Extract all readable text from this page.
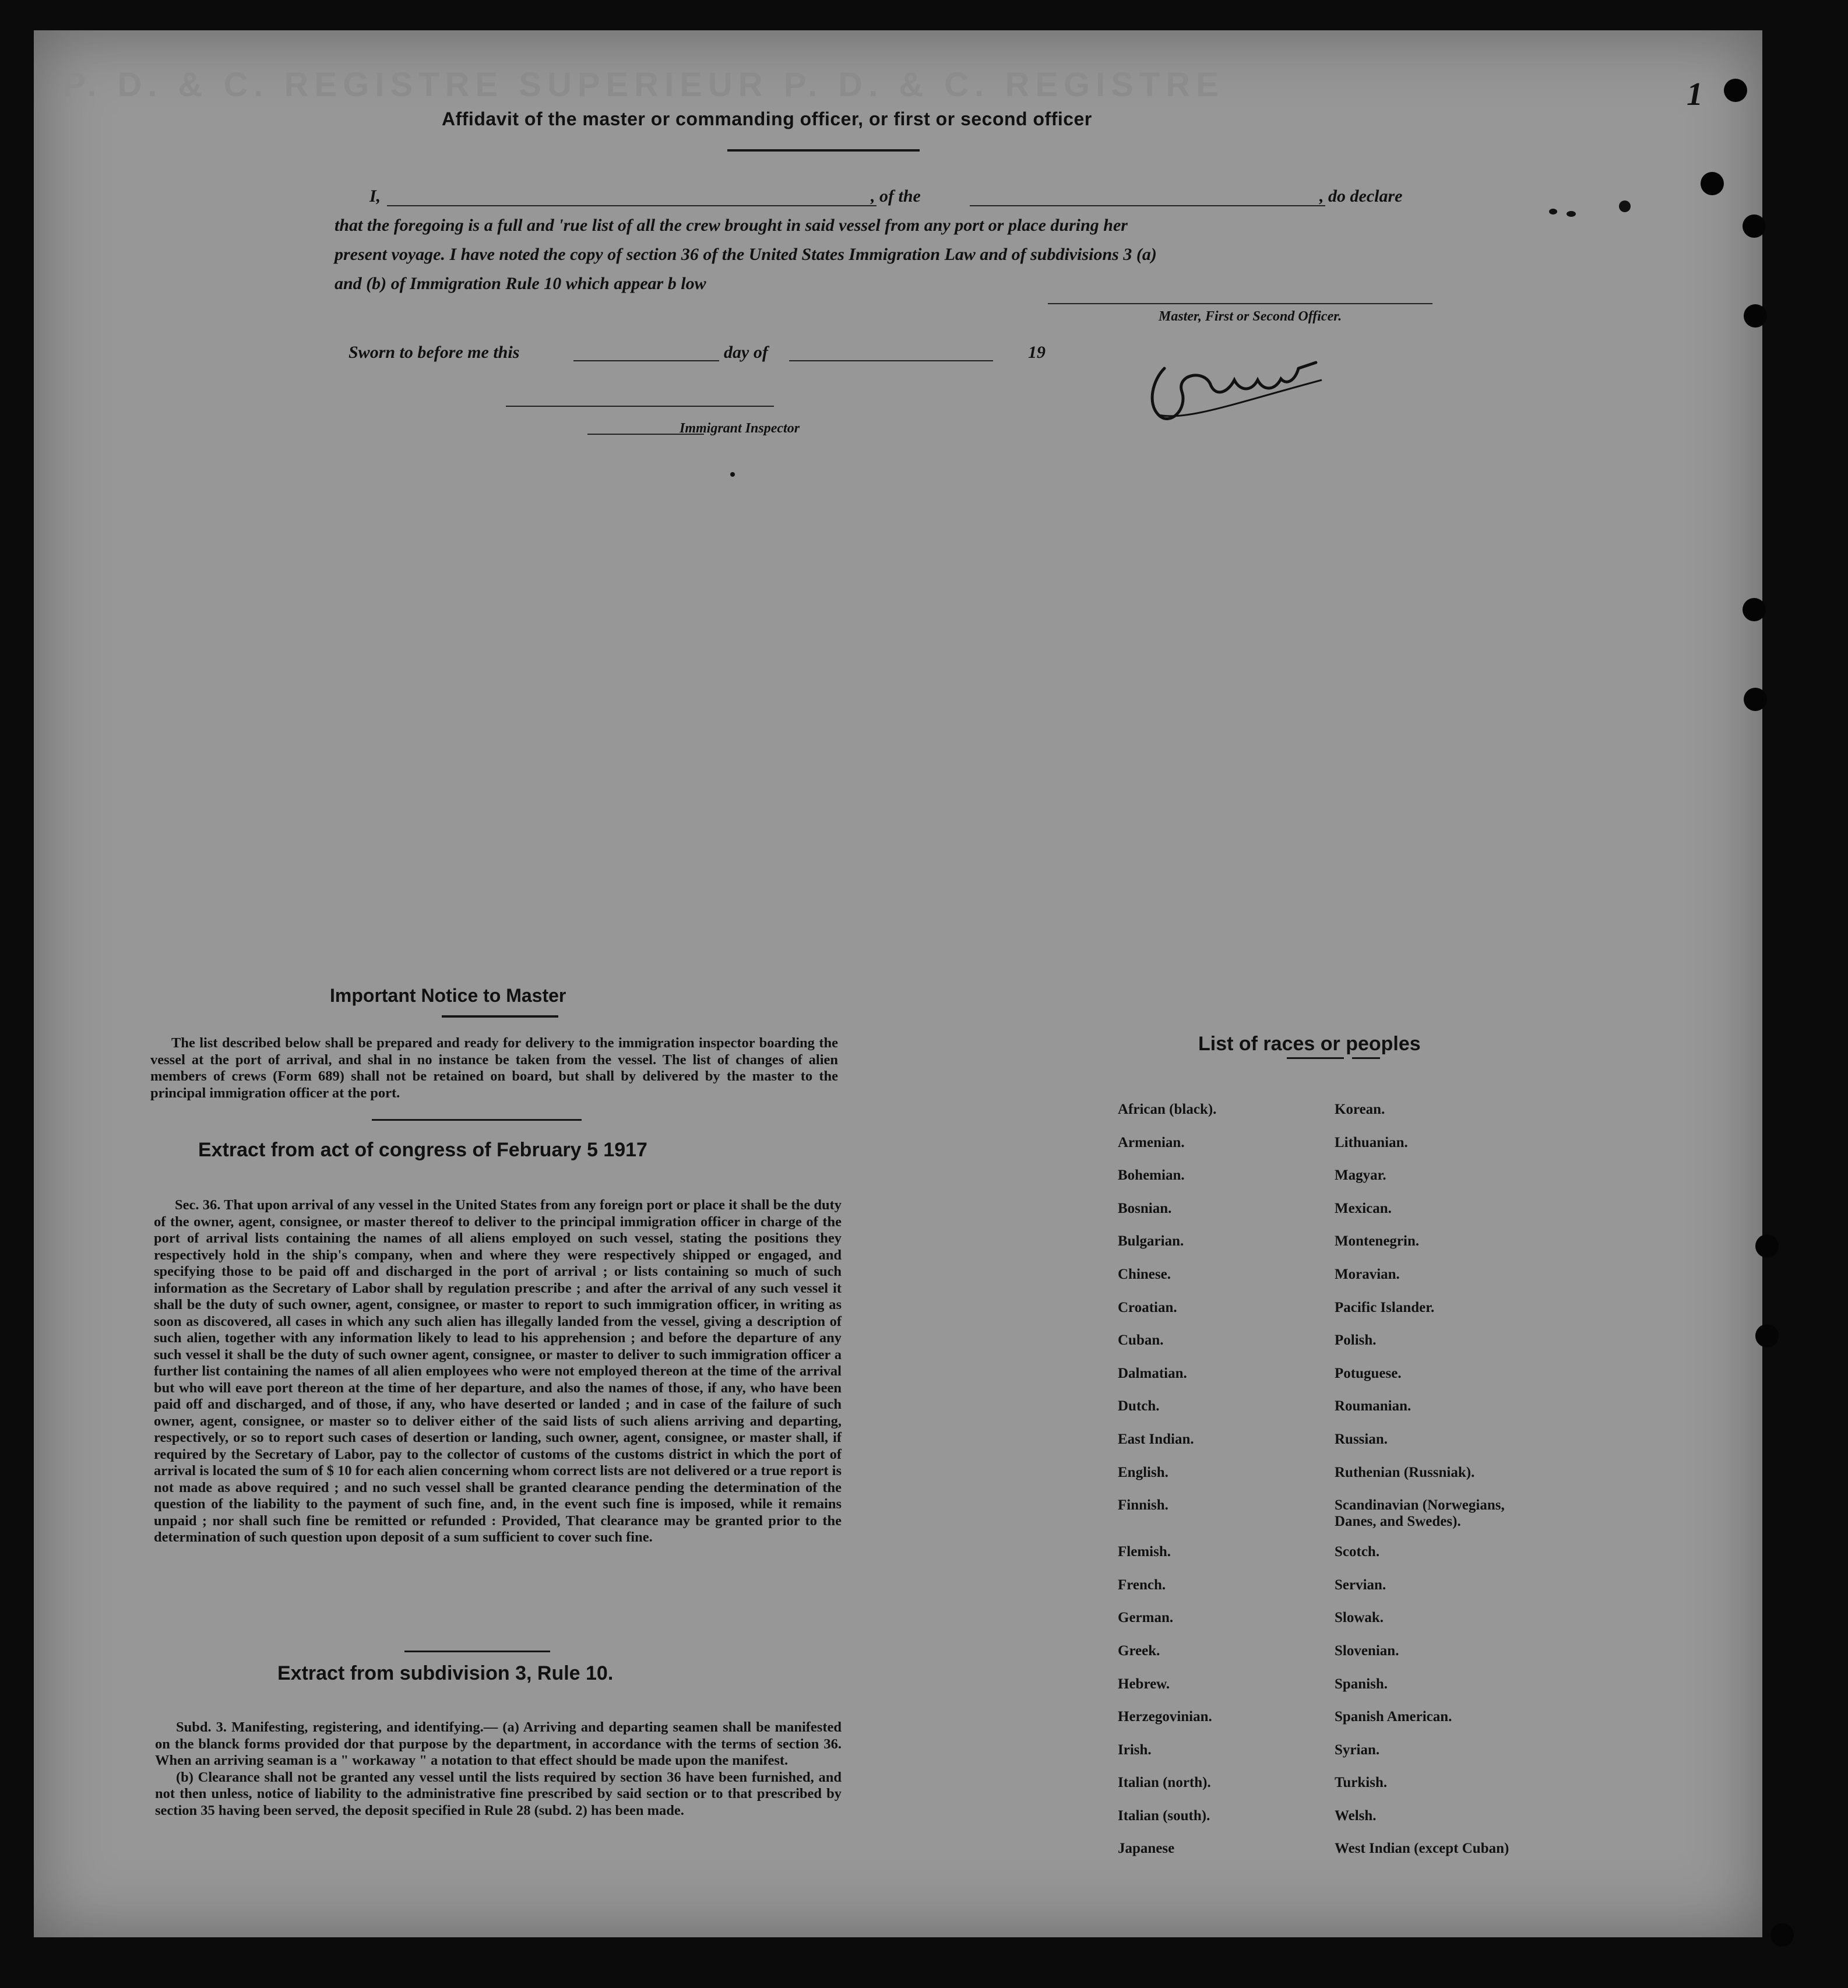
P. D. & C. REGISTRE SUPERIEUR P. D. & C. REGISTRE	1
Affidavit of the master or commanding officer, or first or second officer
I,	, of the	, do declare
that the foregoing is a full and 'rue list of all the crew brought in said vessel from any port or place during her
present voyage. I have noted the copy of section 36 of the United States Immigration Law and of subdivisions 3 (a)
and (b) of Immigration Rule 10 which appear b low
Master, First or Second Officer.
Sworn to before me this	day of	19
Immigrant Inspector
Important Notice to Master

The list described below shall be prepared and ready for delivery to the immigration inspector boarding the vessel at the port of arrival, and shal in no instance be taken from the vessel. The list of changes of alien members of crews (Form 689) shall not be retained on board, but shall by delivered by the master to the principal immigration officer at the port.

Extract from act of congress of February 5 1917

Sec. 36. That upon arrival of any vessel in the United States from any foreign port or place it shall be the duty of the owner, agent, consignee, or master thereof to deliver to the principal immigration officer in charge of the port of arrival lists containing the names of all aliens employed on such vessel, stating the positions they respectively hold in the ship's company, when and where they were respectively shipped or engaged, and specifying those to be paid off and discharged in the port of arrival ; or lists containing so much of such information as the Secretary of Labor shall by regulation prescribe ; and after the arrival of any such vessel it shall be the duty of such owner, agent, consignee, or master to report to such immigration officer, in writing as soon as discovered, all cases in which any such alien has illegally landed from the vessel, giving a description of such alien, together with any information likely to lead to his apprehension ; and before the departure of any such vessel it shall be the duty of such owner agent, consignee, or master to deliver to such immigration officer a further list containing the names of all alien employees who were not employed thereon at the time of the arrival but who will eave port thereon at the time of her departure, and also the names of those, if any, who have been paid off and discharged, and of those, if any, who have deserted or landed ; and in case of the failure of such owner, agent, consignee, or master so to deliver either of the said lists of such aliens arriving and departing, respectively, or so to report such cases of desertion or landing, such owner, agent, consignee, or master shall, if required by the Secretary of Labor, pay to the collector of customs of the customs district in which the port of arrival is located the sum of $ 10 for each alien concerning whom correct lists are not delivered or a true report is not made as above required ; and no such vessel shall be granted clearance pending the determination of the question of the liability to the payment of such fine, and, in the event such fine is imposed, while it remains unpaid ; nor shall such fine be remitted or refunded : Provided, That clearance may be granted prior to the determination of such question upon deposit of a sum sufficient to cover such fine.

Extract from subdivision 3, Rule 10.

Subd. 3. Manifesting, registering, and identifying.— (a) Arriving and departing seamen shall be manifested on the blanck forms provided dor that purpose by the department, in accordance with the terms of section 36. When an arriving seaman is a " workaway " a notation to that effect should be made upon the manifest.

(b) Clearance shall not be granted any vessel until the lists required by section 36 have been furnished, and not then unless, notice of liability to the administrative fine prescribed by said section or to that prescribed by section 35 having been served, the deposit specified in Rule 28 (subd. 2) has been made.

List of races or peoples
African (black).	Korean.
Armenian.	Lithuanian.
Bohemian.	Magyar.
Bosnian.	Mexican.
Bulgarian.	Montenegrin.
Chinese.	Moravian.
Croatian.	Pacific Islander.
Cuban.	Polish.
Dalmatian.	Potuguese.
Dutch.	Roumanian.
East Indian.	Russian.
English.	Ruthenian (Russniak).
Finnish.	Scandinavian (Norwegians, Danes, and Swedes).
Flemish.	Scotch.
French.	Servian.
German.	Slowak.
Greek.	Slovenian.
Hebrew.	Spanish.
Herzegovinian.	Spanish American.
Irish.	Syrian.
Italian (north).	Turkish.
Italian (south).	Welsh.
Japanese	West Indian (except Cuban)
